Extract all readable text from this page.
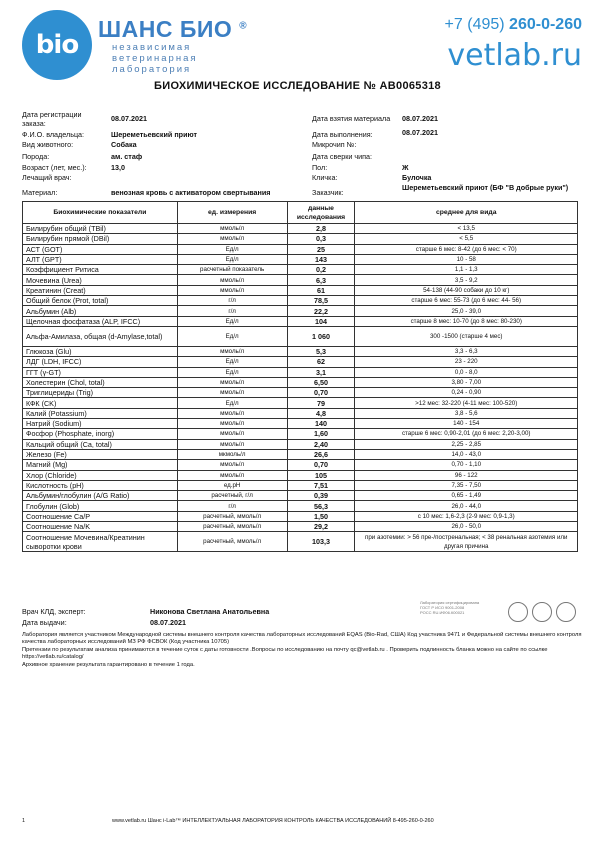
bio
ШАНС БИО ®
независимая
ветеринарная
лаборатория
+7 (495) 260-0-260
vetlab.ru
БИОХИМИЧЕСКОЕ ИССЛЕДОВАНИЕ № АВ0065318
Дата регистрации заказа:
08.07.2021
Ф.И.О. владельца:	Шереметьевский приют
Вид животного:	Собака
Порода:	ам. стаф
Возраст (лет, мес.):	13,0
Лечащий врач:
Материал:	венозная кровь с активатором свертывания
Дата взятия материала 08.07.2021
Дата выполнения:	08.07.2021
Микрочип №:
Дата сверки чипа:
Пол:	Ж
Кличка:	Булочка
Заказчик:
Шереметьевский приют (БФ "В добрые руки")
Биохимические показатели	ед. измерения	данные исследования	среднее для вида
Билирубин общий (TBil)	ммоль/л	2,8	< 13,5
Билирубин прямой (DBil)	ммоль/л	0,3	< 5,5
АСТ (GOT)	Ед/л	25	старше 6 мес: 8-42 (до 6 мес: < 70)
АЛТ (GPT)	Ед/л	143	10 - 58
Коэффициент Ритиса	расчетный показатель	0,2	1,1 - 1,3
Мочевина (Urea)	ммоль/л	6,3	3,5 - 9,2
Креатинин (Creat)	ммоль/л	61	54-138 (44-90 собаки до 10 кг)
Общий белок (Prot, total)	г/л	78,5	старше 6 мес: 55-73 (до 6 мес: 44- 56)
Альбумин (Alb)	г/л	22,2	25,0 - 39,0
Щелочная фосфатаза (ALP, IFCC)	Ед/л	104	старше 8 мес: 10-70 (до 8 мес: 80-230)
Альфа-Амилаза, общая (d-Amylase,total)	Ед/л	1 060	300 -1500 (старше 4 мес)
Глюкоза (Glu)	ммоль/л	5,3	3,3 - 6,3
ЛДГ (LDH, IFCC)	Ед/л	62	23 - 220
ГГТ (γ-GT)	Ед/л	3,1	0,0 - 8,0
Холестерин (Chol, total)	ммоль/л	6,50	3,80 - 7,00
Триглицериды (Trig)	ммоль/л	0,70	0,24 - 0,90
КФК (CK)	Ед/л	79	>12 мес: 32-220 (4-11 мес: 100-520)
Калий (Potassium)	ммоль/л	4,8	3,8 - 5,6
Натрий (Sodium)	ммоль/л	140	140 - 154
Фосфор (Phosphate, inorg)	ммоль/л	1,60	старше 6 мес: 0,90-2,01 (до 6 мес: 2,20-3,00)
Кальций общий (Ca, total)	ммоль/л	2,40	2,25 - 2,85
Железо (Fe)	мкмоль/л	26,6	14,0 - 43,0
Магний (Mg)	ммоль/л	0,70	0,70 - 1,10
Хлор (Chloride)	ммоль/л	105	96 - 122
Кислотность (pH)	ед.pH	7,51	7,35 - 7,50
Альбумин/глобулин (A/G Ratio)	расчетный, г/л	0,39	0,65 - 1,49
Глобулин (Glob)	г/л	56,3	26,0 - 44,0
Соотношение Ca/P	расчетный, ммоль/л	1,50	с 10 мес: 1,6-2,3 (2-9 мес: 0,9-1,3)
Соотношение Na/K	расчетный, ммоль/л	29,2	26,0 - 50,0
Соотношение Мочевина/Креатинин сыворотки крови	расчетный, ммоль/л	103,3	при азотемии: > 56 пре-/постренальная; < 38 ренальная азотемия или другая причина
Врач КЛД, эксперт:	Никонова Светлана Анатольевна
Дата выдачи:	08.07.2021
Лаборатория сертифицирована
ГОСТ Р ИСО 9001-2008
РОСС RU.ИФ06.К00021
Лаборатория является участником Международной системы внешнего контроля качества лабораторных исследований EQAS (Bio-Rad, США) Код участника 9471 и Федеральной системы внешнего контроля качества лабораторных исследований МЗ РФ ФСВОК (Код участника 10705)
Претензии по результатам анализа принимаются в течение суток с даты готовности .Вопросы по исследованию на почту qc@vetlab.ru . Проверить подлинность бланка можно на сайте по ссылке https://vetlab.ru/catalog/
Архивное хранение результата гарантировано в течение 1 года.
1	www.vetlab.ru Шанс i-Lab™ ИНТЕЛЛЕКТУАЛЬНАЯ ЛАБОРАТОРИЯ КОНТРОЛЬ КАЧЕСТВА ИССЛЕДОВАНИЙ 8-495-260-0-260
